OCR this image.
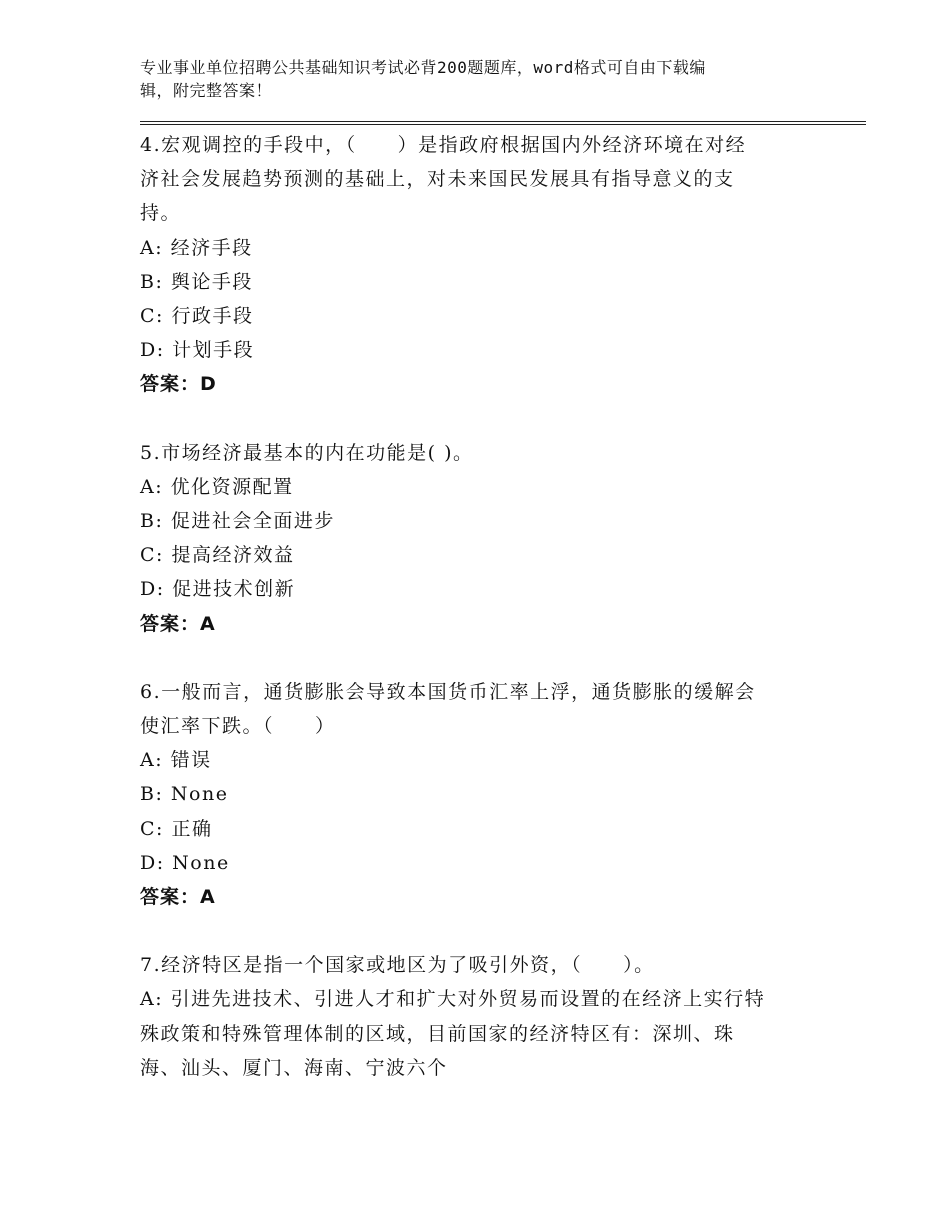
专业事业单位招聘公共基础知识考试必背200题题库，word格式可自由下载编
辑，附完整答案！
4.宏观调控的手段中，（　　）是指政府根据国内外经济环境在对经
济社会发展趋势预测的基础上，对未来国民发展具有指导意义的支
持。
A: 经济手段
B: 舆论手段
C: 行政手段
D: 计划手段
答案：D
5.市场经济最基本的内在功能是( )。
A: 优化资源配置
B: 促进社会全面进步
C: 提高经济效益
D: 促进技术创新
答案：A
6.一般而言，通货膨胀会导致本国货币汇率上浮，通货膨胀的缓解会
使汇率下跌。（　　）
A: 错误
B: None
C: 正确
D: None
答案：A
7.经济特区是指一个国家或地区为了吸引外资，（　　）。
A: 引进先进技术、引进人才和扩大对外贸易而设置的在经济上实行特
殊政策和特殊管理体制的区域，目前国家的经济特区有：深圳、珠
海、汕头、厦门、海南、宁波六个
